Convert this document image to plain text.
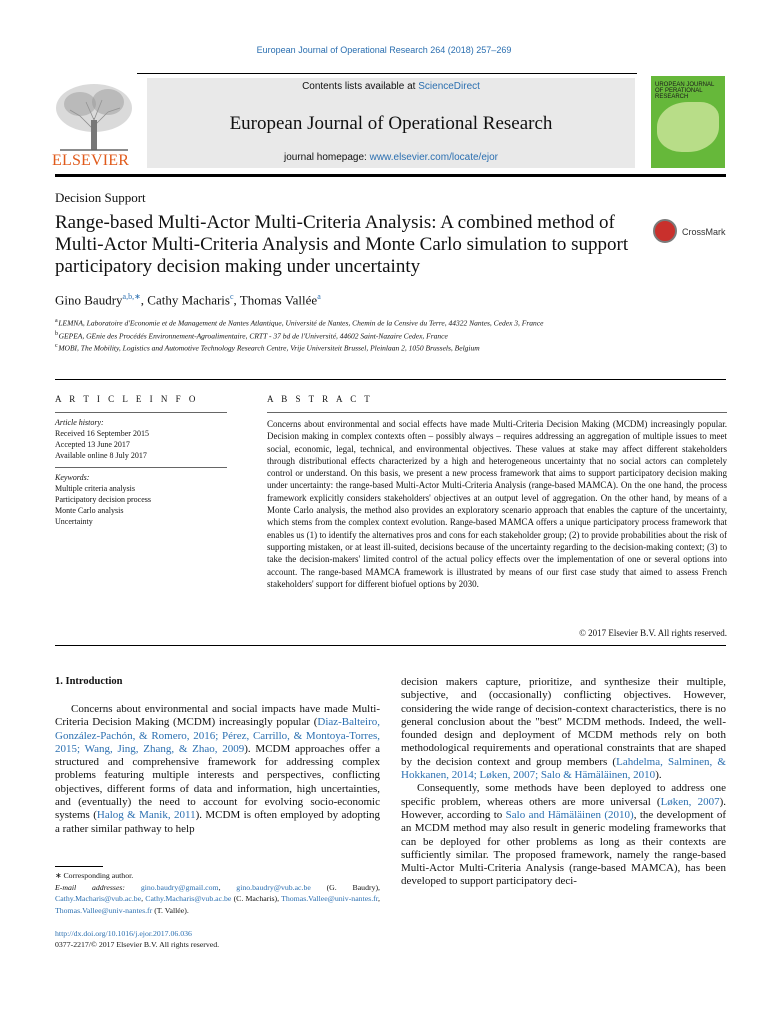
European Journal of Operational Research 264 (2018) 257–269
ELSEVIER
Contents lists available at ScienceDirect
European Journal of Operational Research
journal homepage: www.elsevier.com/locate/ejor
UROPEAN JOURNAL OF PERATIONAL RESEARCH
Decision Support
Range-based Multi-Actor Multi-Criteria Analysis: A combined method of Multi-Actor Multi-Criteria Analysis and Monte Carlo simulation to support participatory decision making under uncertainty
CrossMark
Gino Baudry$^{a,b,∗}$, Cathy Macharis$^c$, Thomas Vallée$^a$
$^a$ LEMNA, Laboratoire d'Economie et de Management de Nantes Atlantique, Université de Nantes, Chemin de la Censive du Terre, 44322 Nantes, Cedex 3, France
$^b$ GEPEA, GEnie des Procédés Environnement-Agroalimentaire, CRTT - 37 bd de l'Université, 44602 Saint-Nazaire Cedex, France
$^c$ MOBI, The Mobility, Logistics and Automotive Technology Research Centre, Vrije Universiteit Brussel, Pleinlaan 2, 1050 Brussels, Belgium
A R T I C L E I N F O
Article history:
Received 16 September 2015
Accepted 13 June 2017
Available online 8 July 2017
Keywords:
Multiple criteria analysis
Participatory decision process
Monte Carlo analysis
Uncertainty
A B S T R A C T
Concerns about environmental and social effects have made Multi-Criteria Decision Making (MCDM) increasingly popular. Decision making in complex contexts often – possibly always – requires addressing an aggregation of multiple issues to meet social, economic, legal, technical, and environmental objectives. These values at stake may affect different stakeholders through distributional effects characterized by a high and heterogeneous uncertainty that no social actors can completely control or understand. On this basis, we present a new process framework that aims to support participatory decision making under uncertainty: the range-based Multi-Actor Multi-Criteria Analysis (range-based MAMCA). On the one hand, the process framework explicitly considers stakeholders' objectives at an output level of aggregation. On the other hand, by means of a Monte Carlo analysis, the method also provides an exploratory scenario approach that enables the capture of the uncertainty, which stems from the complex context evolution. Range-based MAMCA offers a unique participatory process framework that enables us (1) to identify the alternatives pros and cons for each stakeholder group; (2) to provide probabilities about the risk of supporting mistaken, or at least ill-suited, decisions because of the uncertainty regarding to the decision-making context; (3) to take the decision-makers' limited control of the actual policy effects over the implementation of one or several options into account. The range-based MAMCA framework is illustrated by means of our first case study that aimed to assess French stakeholders' support for different biofuel options by 2030.
© 2017 Elsevier B.V. All rights reserved.
1. Introduction

Concerns about environmental and social impacts have made Multi-Criteria Decision Making (MCDM) increasingly popular (Diaz-Balteiro, González-Pachón, & Romero, 2016; Pérez, Carrillo, & Montoya-Torres, 2015; Wang, Jing, Zhang, & Zhao, 2009). MCDM approaches offer a structured and comprehensive framework for addressing complex problems featuring multiple interests and perspectives, conflicting objectives, different forms of data and information, high uncertainties, and (eventually) the need to account for evolving socio-economic systems (Halog & Manik, 2011). MCDM is often employed by adopting a rather similar pathway to help

decision makers capture, prioritize, and synthesize their multiple, subjective, and (occasionally) conflicting objectives. However, considering the wide range of decision-context characteristics, there is no general conclusion about the "best" MCDM methods. Indeed, the well-founded design and deployment of MCDM methods rely on both methodological requirements and operational constraints that are shaped by the decision context and group members (Lahdelma, Salminen, & Hokkanen, 2014; Løken, 2007; Salo & Hämäläinen, 2010).

Consequently, some methods have been deployed to address one specific problem, whereas others are more universal (Løken, 2007). However, according to Salo and Hämäläinen (2010), the development of an MCDM method may also result in generic modeling frameworks that can be deployed for other problems as long as their contexts are sufficiently similar. The proposed framework, namely the range-based Multi-Actor Multi-Criteria Analysis (range-based MAMCA), has been developed to support participatory deci-

∗ Corresponding author.
E-mail addresses: gino.baudry@gmail.com, gino.baudry@vub.ac.be (G. Baudry), Cathy.Macharis@vub.ac.be, Cathy.Macharis@vub.ac.be (C. Macharis), Thomas.Vallee@univ-nantes.fr, Thomas.Vallee@univ-nantes.fr (T. Vallée).
http://dx.doi.org/10.1016/j.ejor.2017.06.036
0377-2217/© 2017 Elsevier B.V. All rights reserved.
